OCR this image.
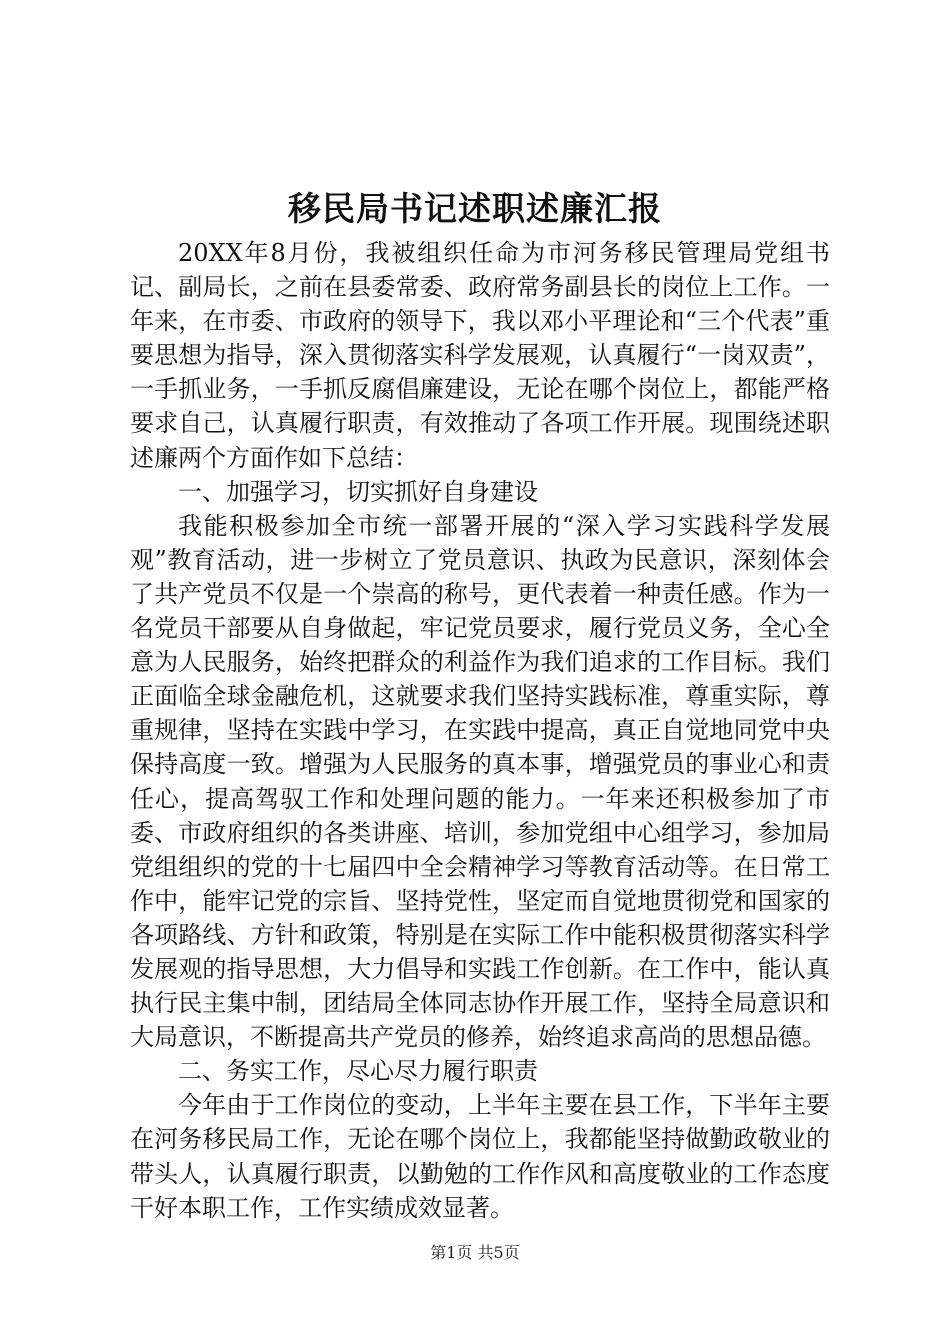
移民局书记述职述廉汇报

20XX年8月份，我被组织任命为市河务移民管理局党组书记、副局长，之前在县委常委、政府常务副县长的岗位上工作。一年来，在市委、市政府的领导下，我以邓小平理论和“三个代表”重要思想为指导，深入贯彻落实科学发展观，认真履行“一岗双责”，一手抓业务，一手抓反腐倡廉建设，无论在哪个岗位上，都能严格要求自己，认真履行职责，有效推动了各项工作开展。现围绕述职述廉两个方面作如下总结：

一、加强学习，切实抓好自身建设

我能积极参加全市统一部署开展的“深入学习实践科学发展观”教育活动，进一步树立了党员意识、执政为民意识，深刻体会了共产党员不仅是一个崇高的称号，更代表着一种责任感。作为一名党员干部要从自身做起，牢记党员要求，履行党员义务，全心全意为人民服务，始终把群众的利益作为我们追求的工作目标。我们正面临全球金融危机，这就要求我们坚持实践标准，尊重实际，尊重规律，坚持在实践中学习，在实践中提高，真正自觉地同党中央保持高度一致。增强为人民服务的真本事，增强党员的事业心和责任心，提高驾驭工作和处理问题的能力。一年来还积极参加了市委、市政府组织的各类讲座、培训，参加党组中心组学习，参加局党组组织的党的十七届四中全会精神学习等教育活动等。在日常工作中，能牢记党的宗旨、坚持党性，坚定而自觉地贯彻党和国家的各项路线、方针和政策，特别是在实际工作中能积极贯彻落实科学发展观的指导思想，大力倡导和实践工作创新。在工作中，能认真执行民主集中制，团结局全体同志协作开展工作，坚持全局意识和大局意识，不断提高共产党员的修养，始终追求高尚的思想品德。

二、务实工作，尽心尽力履行职责

今年由于工作岗位的变动，上半年主要在县工作，下半年主要在河务移民局工作，无论在哪个岗位上，我都能坚持做勤政敬业的带头人，认真履行职责，以勤勉的工作作风和高度敬业的工作态度干好本职工作，工作实绩成效显著。

第1页 共5页
